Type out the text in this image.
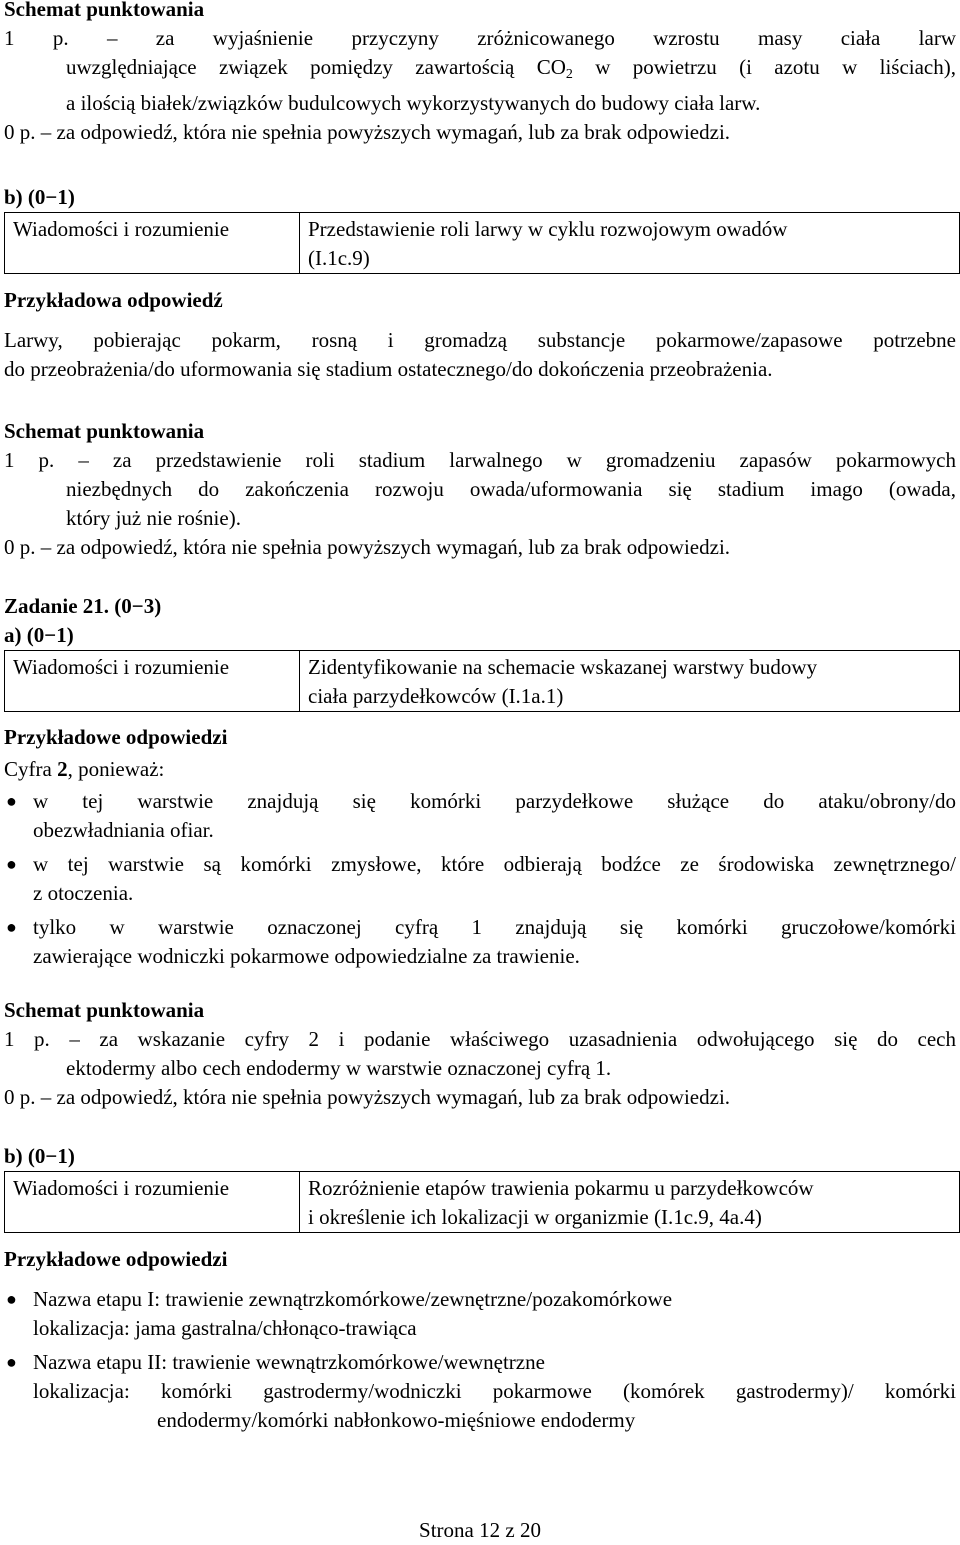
Schemat punktowania
1 p. – za wyjaśnienie przyczyny zróżnicowanego wzrostu masy ciała larw
uwzględniające związek pomiędzy zawartością $CO_2$ w powietrzu (i azotu w liściach),
a ilością białek/związków budulcowych wykorzystywanych do budowy ciała larw.
0 p. – za odpowiedź, która nie spełnia powyższych wymagań, lub za brak odpowiedzi.
b) (0−1)
Wiadomości i rozumienie	Przedstawienie roli larwy w cyklu rozwojowym owadów
(I.1c.9)
Przykładowa odpowiedź
Larwy, pobierając pokarm, rosną i gromadzą substancje pokarmowe/zapasowe potrzebne
do przeobrażenia/do uformowania się stadium ostatecznego/do dokończenia przeobrażenia.
Schemat punktowania
1 p. – za przedstawienie roli stadium larwalnego w gromadzeniu zapasów pokarmowych
niezbędnych do zakończenia rozwoju owada/uformowania się stadium imago (owada,
który już nie rośnie).
0 p. – za odpowiedź, która nie spełnia powyższych wymagań, lub za brak odpowiedzi.
Zadanie 21. (0−3)
a) (0−1)
Wiadomości i rozumienie	Zidentyfikowanie na schemacie wskazanej warstwy budowy
ciała parzydełkowców (I.1a.1)
Przykładowe odpowiedzi
Cyfra 2, ponieważ:
● w tej warstwie znajdują się komórki parzydełkowe służące do ataku/obrony/do
obezwładniania ofiar.
● w tej warstwie są komórki zmysłowe, które odbierają bodźce ze środowiska zewnętrznego/
z otoczenia.
● tylko w warstwie oznaczonej cyfrą 1 znajdują się komórki gruczołowe/komórki
zawierające wodniczki pokarmowe odpowiedzialne za trawienie.
Schemat punktowania
1 p. – za wskazanie cyfry 2 i podanie właściwego uzasadnienia odwołującego się do cech
ektodermy albo cech endodermy w warstwie oznaczonej cyfrą 1.
0 p. – za odpowiedź, która nie spełnia powyższych wymagań, lub za brak odpowiedzi.
b) (0−1)
Wiadomości i rozumienie	Rozróżnienie etapów trawienia pokarmu u parzydełkowców
i określenie ich lokalizacji w organizmie (I.1c.9, 4a.4)
Przykładowe odpowiedzi
● Nazwa etapu I: trawienie zewnątrzkomórkowe/zewnętrzne/pozakomórkowe
lokalizacja: jama gastralna/chłonąco-trawiąca
● Nazwa etapu II: trawienie wewnątrzkomórkowe/wewnętrzne
lokalizacja: komórki gastrodermy/wodniczki pokarmowe (komórek gastrodermy)/ komórki
endodermy/komórki nabłonkowo-mięśniowe endodermy
Strona 12 z 20
